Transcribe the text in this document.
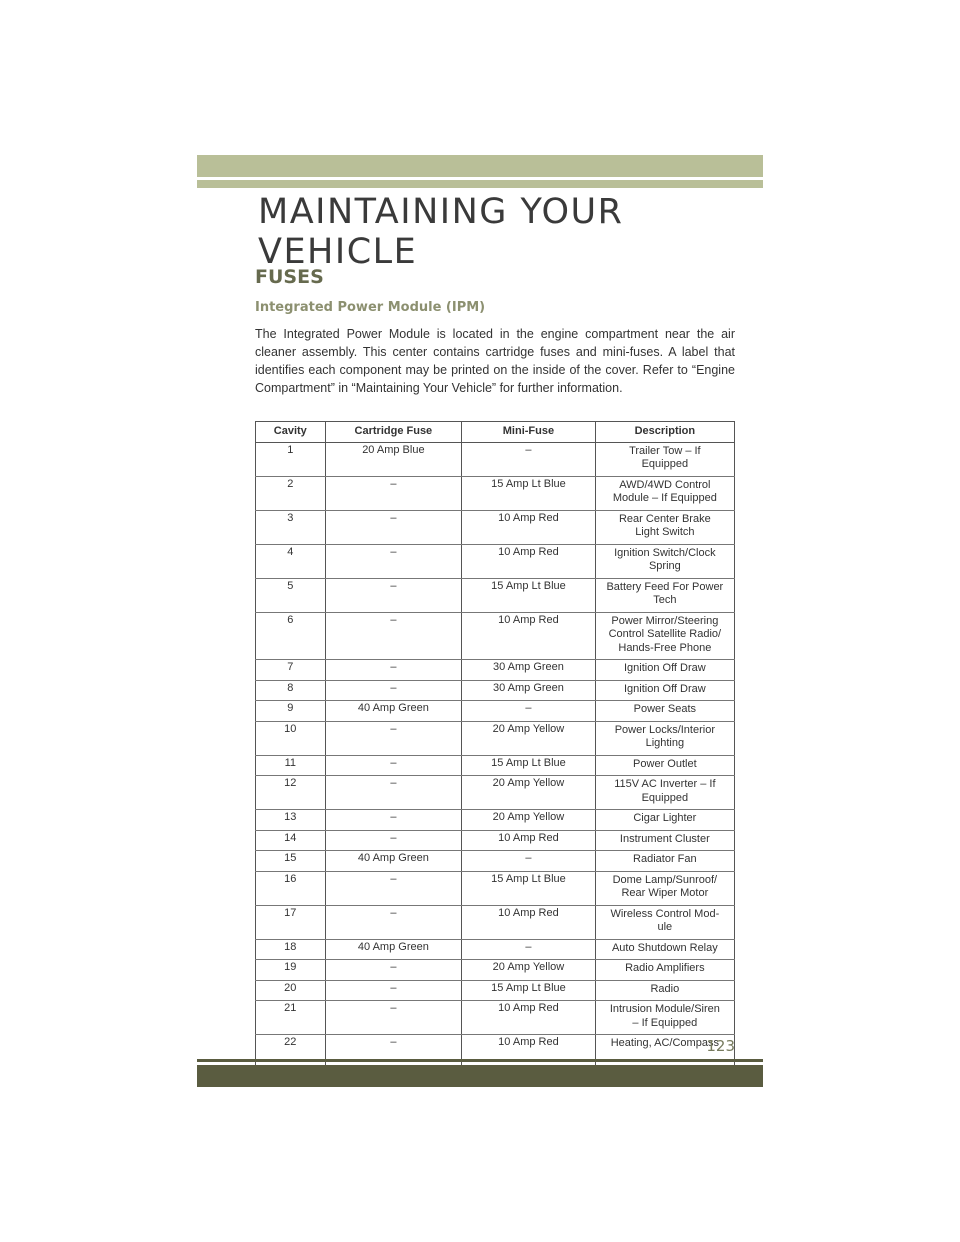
MAINTAINING YOUR VEHICLE
FUSES
Integrated Power Module (IPM)

The Integrated Power Module is located in the engine compartment near the air cleaner assembly. This center contains cartridge fuses and mini-fuses. A label that identifies each component may be printed on the inside of the cover. Refer to “Engine Compartment” in “Maintaining Your Vehicle” for further information.

Cavity	Cartridge Fuse	Mini-Fuse	Description
1	20 Amp Blue	–	Trailer Tow – If
Equipped

2	–	15 Amp Lt Blue	AWD/4WD Control
Module – If Equipped

3	–	10 Amp Red	Rear Center Brake
Light Switch

4	–	10 Amp Red	Ignition Switch/Clock
Spring

5	–	15 Amp Lt Blue	Battery Feed For Power
Tech

6	–	10 Amp Red	Power Mirror/Steering
Control Satellite Radio/
Hands-Free Phone

7	–	30 Amp Green	Ignition Off Draw

8	–	30 Amp Green	Ignition Off Draw

9	40 Amp Green	–	Power Seats

10	–	20 Amp Yellow	Power Locks/Interior
Lighting

11	–	15 Amp Lt Blue	Power Outlet

12	–	20 Amp Yellow	115V AC Inverter – If
Equipped

13	–	20 Amp Yellow	Cigar Lighter

14	–	10 Amp Red	Instrument Cluster

15	40 Amp Green	–	Radiator Fan

16	–	15 Amp Lt Blue	Dome Lamp/Sunroof/
Rear Wiper Motor

17	–	10 Amp Red	Wireless Control Mod-
ule

18	40 Amp Green	–	Auto Shutdown Relay

19	–	20 Amp Yellow	Radio Amplifiers

20	–	15 Amp Lt Blue	Radio

21	–	10 Amp Red	Intrusion Module/Siren
– If Equipped

22	–	10 Amp Red	Heating, AC/Compass
123
